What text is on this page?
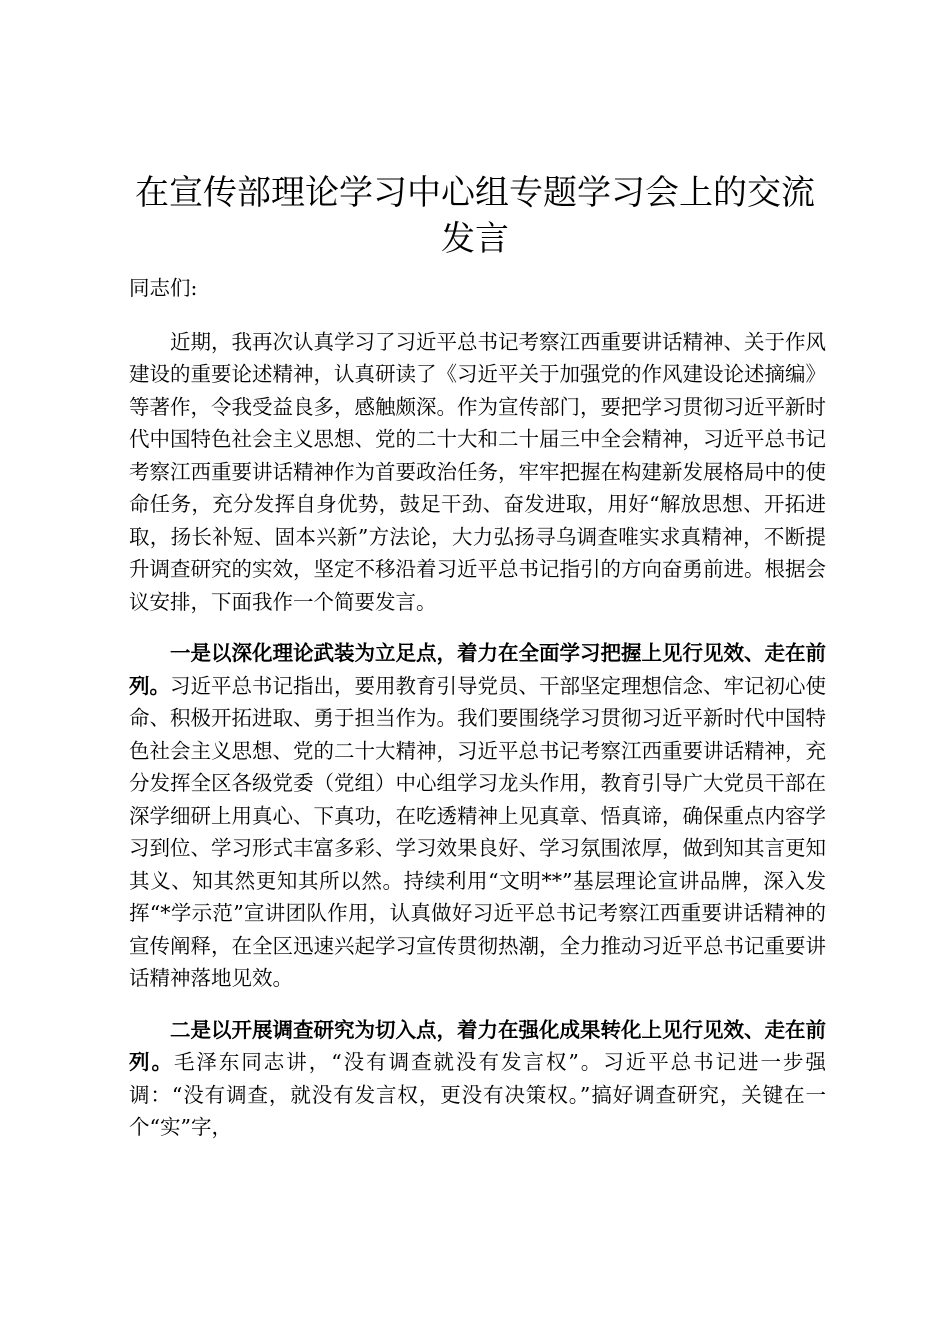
在宣传部理论学习中心组专题学习会上的交流发言

同志们:

近期，我再次认真学习了习近平总书记考察江西重要讲话精神、关于作风建设的重要论述精神，认真研读了《习近平关于加强党的作风建设论述摘编》等著作，令我受益良多，感触颇深。作为宣传部门，要把学习贯彻习近平新时代中国特色社会主义思想、党的二十大和二十届三中全会精神，习近平总书记考察江西重要讲话精神作为首要政治任务，牢牢把握在构建新发展格局中的使命任务，充分发挥自身优势，鼓足干劲、奋发进取，用好“解放思想、开拓进取，扬长补短、固本兴新”方法论，大力弘扬寻乌调查唯实求真精神，不断提升调查研究的实效，坚定不移沿着习近平总书记指引的方向奋勇前进。根据会议安排，下面我作一个简要发言。

一是以深化理论武装为立足点，着力在全面学习把握上见行见效、走在前列。习近平总书记指出，要用教育引导党员、干部坚定理想信念、牢记初心使命、积极开拓进取、勇于担当作为。我们要围绕学习贯彻习近平新时代中国特色社会主义思想、党的二十大精神，习近平总书记考察江西重要讲话精神，充分发挥全区各级党委（党组）中心组学习龙头作用，教育引导广大党员干部在深学细研上用真心、下真功，在吃透精神上见真章、悟真谛，确保重点内容学习到位、学习形式丰富多彩、学习效果良好、学习氛围浓厚，做到知其言更知其义、知其然更知其所以然。持续利用“文明**”基层理论宣讲品牌，深入发挥“*学示范”宣讲团队作用，认真做好习近平总书记考察江西重要讲话精神的宣传阐释，在全区迅速兴起学习宣传贯彻热潮，全力推动习近平总书记重要讲话精神落地见效。

二是以开展调查研究为切入点，着力在强化成果转化上见行见效、走在前列。毛泽东同志讲，“没有调查就没有发言权”。习近平总书记进一步强调：“没有调查，就没有发言权，更没有决策权。”搞好调查研究，关键在一个“实”字，
